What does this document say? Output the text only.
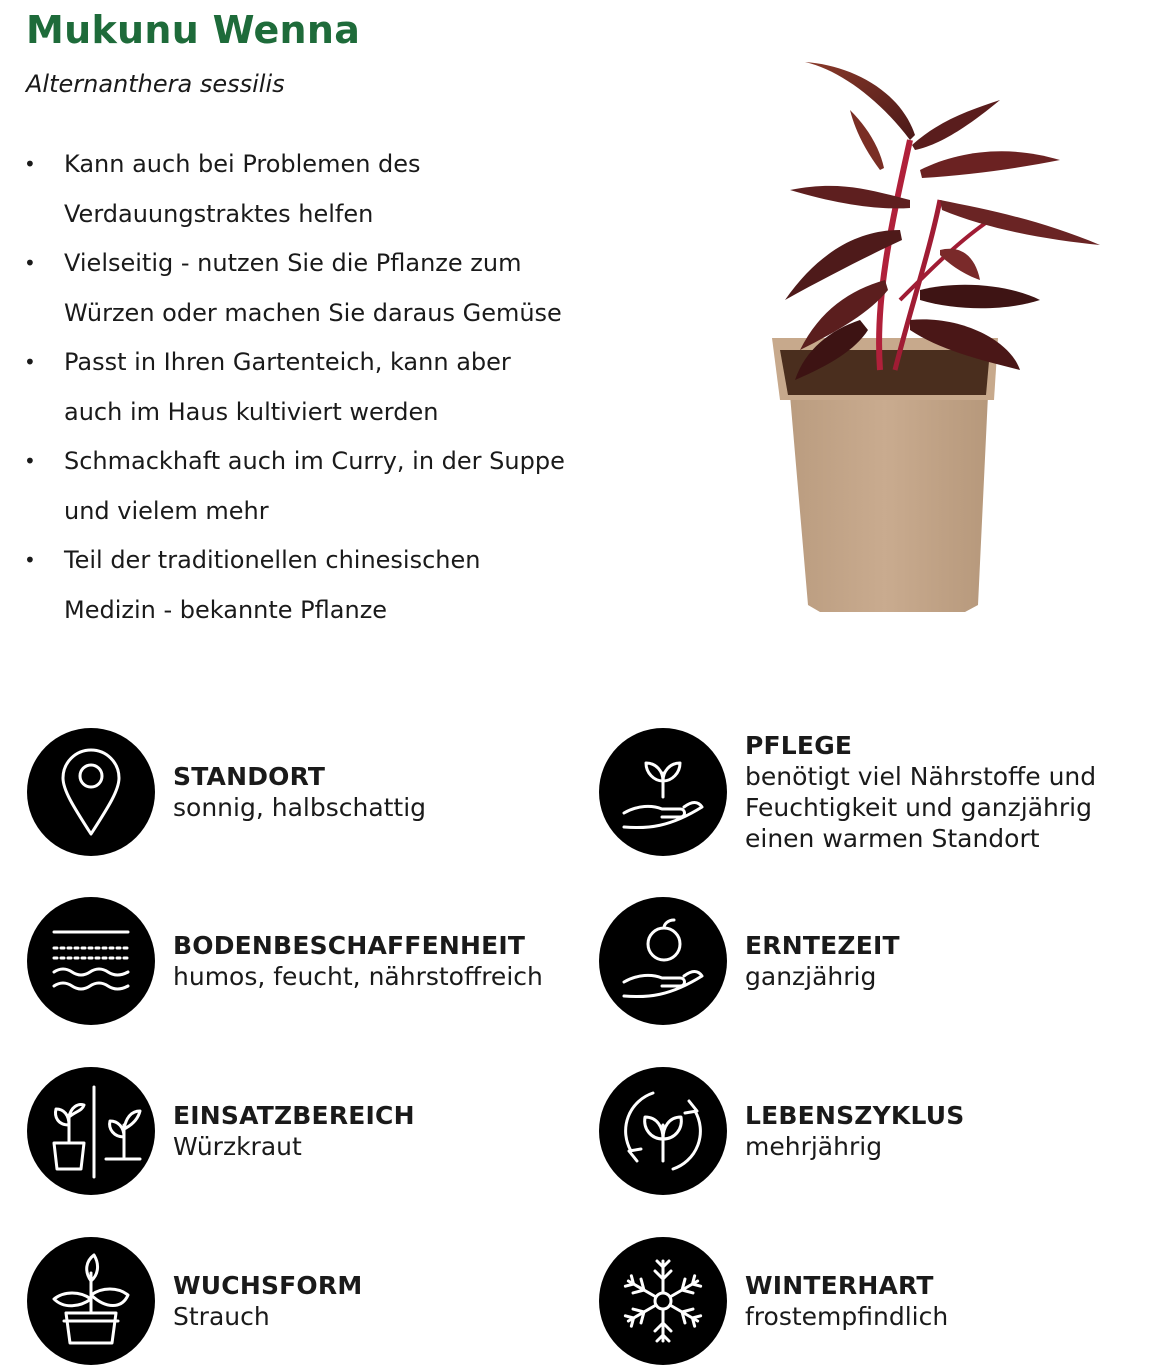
Mukunu Wenna
Alternanthera sessilis
• Kann auch bei Problemen des Verdauungstraktes helfen
• Vielseitig - nutzen Sie die Pflanze zum Würzen oder machen Sie daraus Gemüse
• Passt in Ihren Gartenteich, kann aber auch im Haus kultiviert werden
• Schmackhaft auch im Curry, in der Suppe und vielem mehr
• Teil der traditionellen chinesischen Medizin - bekannte Pflanze
STANDORT
sonnig, halbschattig
BODENBESCHAFFENHEIT
humos, feucht, nährstoffreich
EINSATZBEREICH
Würzkraut
WUCHSFORM
Strauch
PFLEGE
benötigt viel Nährstoffe und
Feuchtigkeit und ganzjährig
einen warmen Standort
ERNTEZEIT
ganzjährig
LEBENSZYKLUS
mehrjährig
WINTERHART
frostempfindlich
